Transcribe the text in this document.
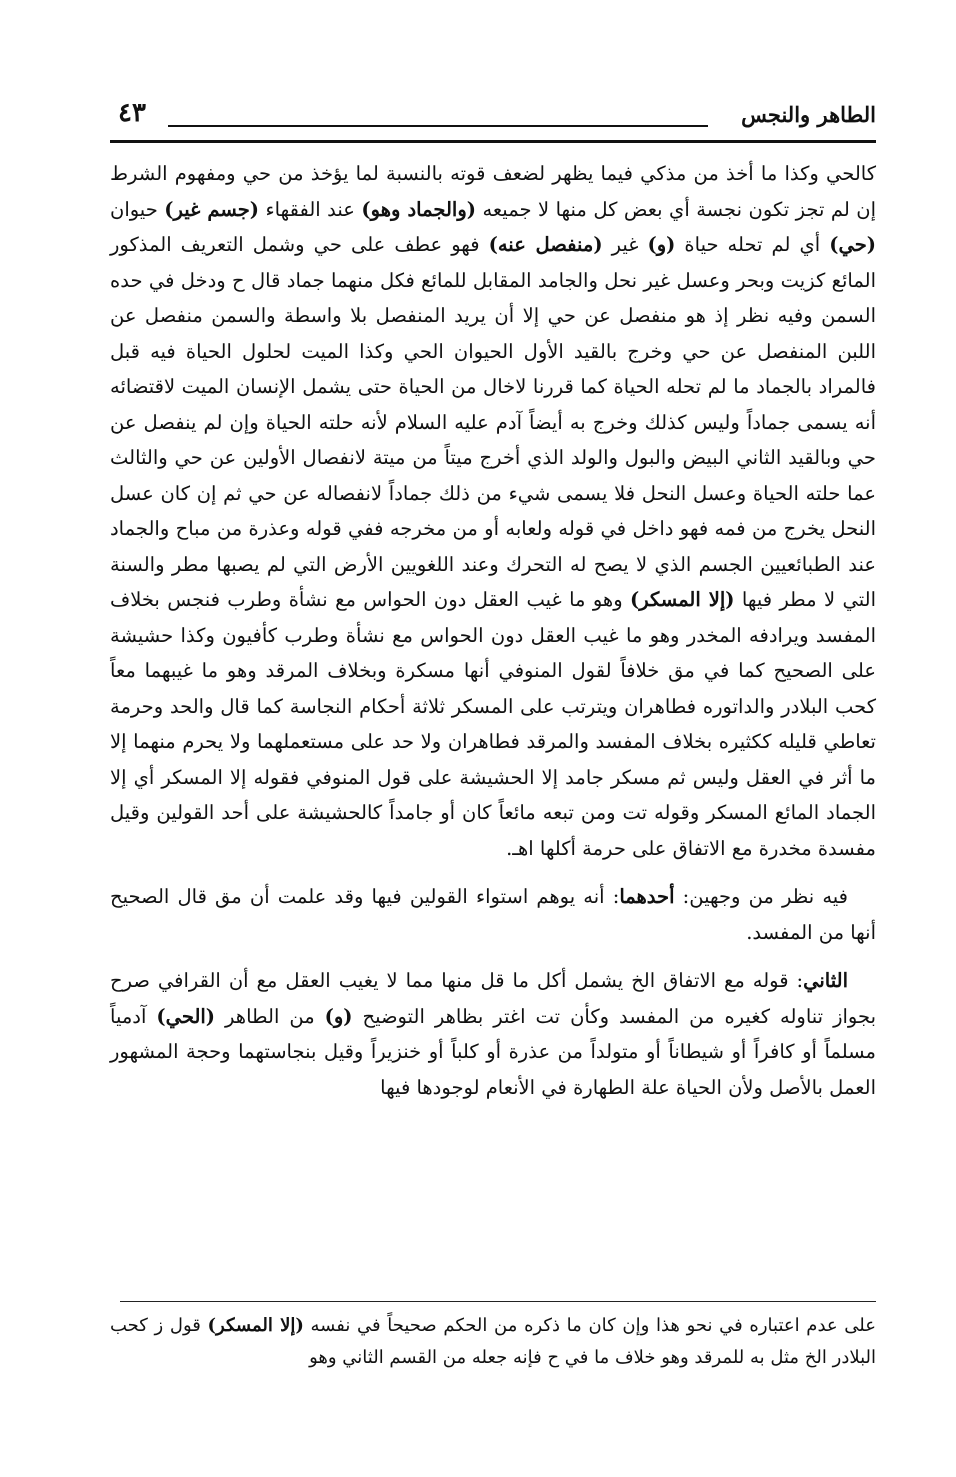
الطاهر والنجس
٤٣

كالحي وكذا ما أخذ من مذكي فيما يظهر لضعف قوته بالنسبة لما يؤخذ من حي ومفهوم الشرط إن لم تجز تكون نجسة أي بعض كل منها لا جميعه (والجماد وهو) عند الفقهاء (جسم غير) حيوان (حي) أي لم تحله حياة (و) غير (منفصل عنه) فهو عطف على حي وشمل التعريف المذكور المائع كزيت وبحر وعسل غير نحل والجامد المقابل للمائع فكل منهما جماد قال ح ودخل في حده السمن وفيه نظر إذ هو منفصل عن حي إلا أن يريد المنفصل بلا واسطة والسمن منفصل عن اللبن المنفصل عن حي وخرج بالقيد الأول الحيوان الحي وكذا الميت لحلول الحياة فيه قبل فالمراد بالجماد ما لم تحله الحياة كما قررنا لاخال من الحياة حتى يشمل الإنسان الميت لاقتضائه أنه يسمى جماداً وليس كذلك وخرج به أيضاً آدم عليه السلام لأنه حلته الحياة وإن لم ينفصل عن حي وبالقيد الثاني البيض والبول والولد الذي أخرج ميتاً من ميتة لانفصال الأولين عن حي والثالث عما حلته الحياة وعسل النحل فلا يسمى شيء من ذلك جماداً لانفصاله عن حي ثم إن كان عسل النحل يخرج من فمه فهو داخل في قوله ولعابه أو من مخرجه ففي قوله وعذرة من مباح والجماد عند الطبائعيين الجسم الذي لا يصح له التحرك وعند اللغويين الأرض التي لم يصبها مطر والسنة التي لا مطر فيها (إلا المسكر) وهو ما غيب العقل دون الحواس مع نشأة وطرب فنجس بخلاف المفسد ويرادفه المخدر وهو ما غيب العقل دون الحواس مع نشأة وطرب كأفيون وكذا حشيشة على الصحيح كما في مق خلافاً لقول المنوفي أنها مسكرة وبخلاف المرقد وهو ما غيبهما معاً كحب البلادر والداتوره فطاهران ويترتب على المسكر ثلاثة أحكام النجاسة كما قال والحد وحرمة تعاطي قليله ككثيره بخلاف المفسد والمرقد فطاهران ولا حد على مستعملهما ولا يحرم منهما إلا ما أثر في العقل وليس ثم مسكر جامد إلا الحشيشة على قول المنوفي فقوله إلا المسكر أي إلا الجماد المائع المسكر وقوله تت ومن تبعه مائعاً كان أو جامداً كالحشيشة على أحد القولين وقيل مفسدة مخدرة مع الاتفاق على حرمة أكلها اهـ.

فيه نظر من وجهين: أحدهما: أنه يوهم استواء القولين فيها وقد علمت أن مق قال الصحيح أنها من المفسد.

الثاني: قوله مع الاتفاق الخ يشمل أكل ما قل منها مما لا يغيب العقل مع أن القرافي صرح بجواز تناوله كغيره من المفسد وكأن تت اغتر بظاهر التوضيح (و) من الطاهر (الحي) آدمياً مسلماً أو كافراً أو شيطاناً أو متولداً من عذرة أو كلباً أو خنزيراً وقيل بنجاستهما وحجة المشهور العمل بالأصل ولأن الحياة علة الطهارة في الأنعام لوجودها فيها

على عدم اعتباره في نحو هذا وإن كان ما ذكره من الحكم صحيحاً في نفسه (إلا المسكر) قول ز كحب البلادر الخ مثل به للمرقد وهو خلاف ما في ح فإنه جعله من القسم الثاني وهو
